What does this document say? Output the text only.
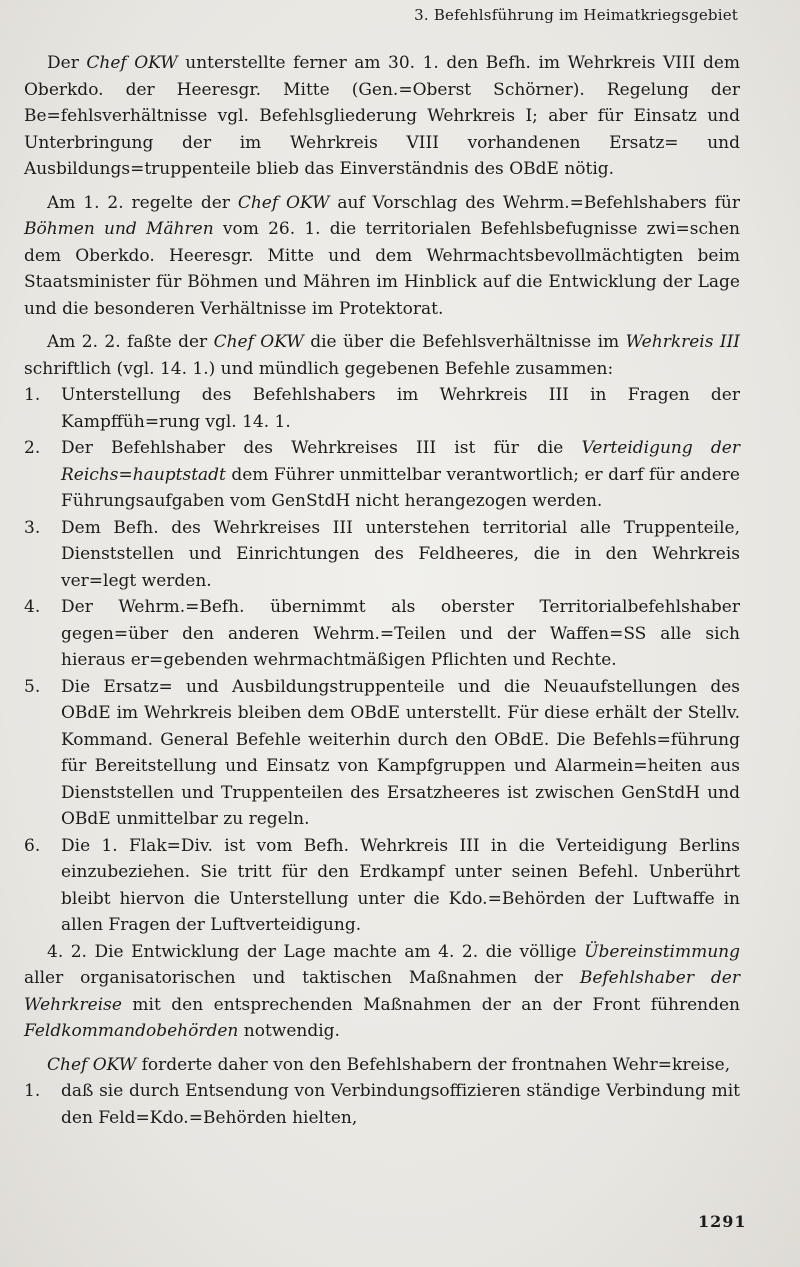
3. Befehlsführung im Heimatkriegsgebiet

Der Chef OKW unterstellte ferner am 30. 1. den Befh. im Wehrkreis VIII dem Oberkdo. der Heeresgr. Mitte (Gen.=Oberst Schörner). Regelung der Be=fehlsverhältnisse vgl. Befehlsgliederung Wehrkreis I; aber für Einsatz und Unterbringung der im Wehrkreis VIII vorhandenen Ersatz= und Ausbildungs=truppenteile blieb das Einverständnis des OBdE nötig.

Am 1. 2. regelte der Chef OKW auf Vorschlag des Wehrm.=Befehlshabers für Böhmen und Mähren vom 26. 1. die territorialen Befehlsbefugnisse zwi=schen dem Oberkdo. Heeresgr. Mitte und dem Wehrmachtsbevollmächtigten beim Staatsminister für Böhmen und Mähren im Hinblick auf die Entwicklung der Lage und die besonderen Verhältnisse im Protektorat.

Am 2. 2. faßte der Chef OKW die über die Befehlsverhältnisse im Wehrkreis III schriftlich (vgl. 14. 1.) und mündlich gegebenen Befehle zusammen:

1. Unterstellung des Befehlshabers im Wehrkreis III in Fragen der Kampffüh=rung vgl. 14. 1.

2. Der Befehlshaber des Wehrkreises III ist für die Verteidigung der Reichs=hauptstadt dem Führer unmittelbar verantwortlich; er darf für andere Führungsaufgaben vom GenStdH nicht herangezogen werden.

3. Dem Befh. des Wehrkreises III unterstehen territorial alle Truppenteile, Dienststellen und Einrichtungen des Feldheeres, die in den Wehrkreis ver=legt werden.

4. Der Wehrm.=Befh. übernimmt als oberster Territorialbefehlshaber gegen=über den anderen Wehrm.=Teilen und der Waffen=SS alle sich hieraus er=gebenden wehrmachtmäßigen Pflichten und Rechte.

5. Die Ersatz= und Ausbildungstruppenteile und die Neuaufstellungen des OBdE im Wehrkreis bleiben dem OBdE unterstellt. Für diese erhält der Stellv. Kommand. General Befehle weiterhin durch den OBdE. Die Befehls=führung für Bereitstellung und Einsatz von Kampfgruppen und Alarmein=heiten aus Dienststellen und Truppenteilen des Ersatzheeres ist zwischen GenStdH und OBdE unmittelbar zu regeln.

6. Die 1. Flak=Div. ist vom Befh. Wehrkreis III in die Verteidigung Berlins einzubeziehen. Sie tritt für den Erdkampf unter seinen Befehl. Unberührt bleibt hiervon die Unterstellung unter die Kdo.=Behörden der Luftwaffe in allen Fragen der Luftverteidigung.

4. 2. Die Entwicklung der Lage machte am 4. 2. die völlige Übereinstimmung aller organisatorischen und taktischen Maßnahmen der Befehlshaber der Wehrkreise mit den entsprechenden Maßnahmen der an der Front führenden Feldkommandobehörden notwendig.

Chef OKW forderte daher von den Befehlshabern der frontnahen Wehr=kreise,

1. daß sie durch Entsendung von Verbindungsoffizieren ständige Verbindung mit den Feld=Kdo.=Behörden hielten,

1291
